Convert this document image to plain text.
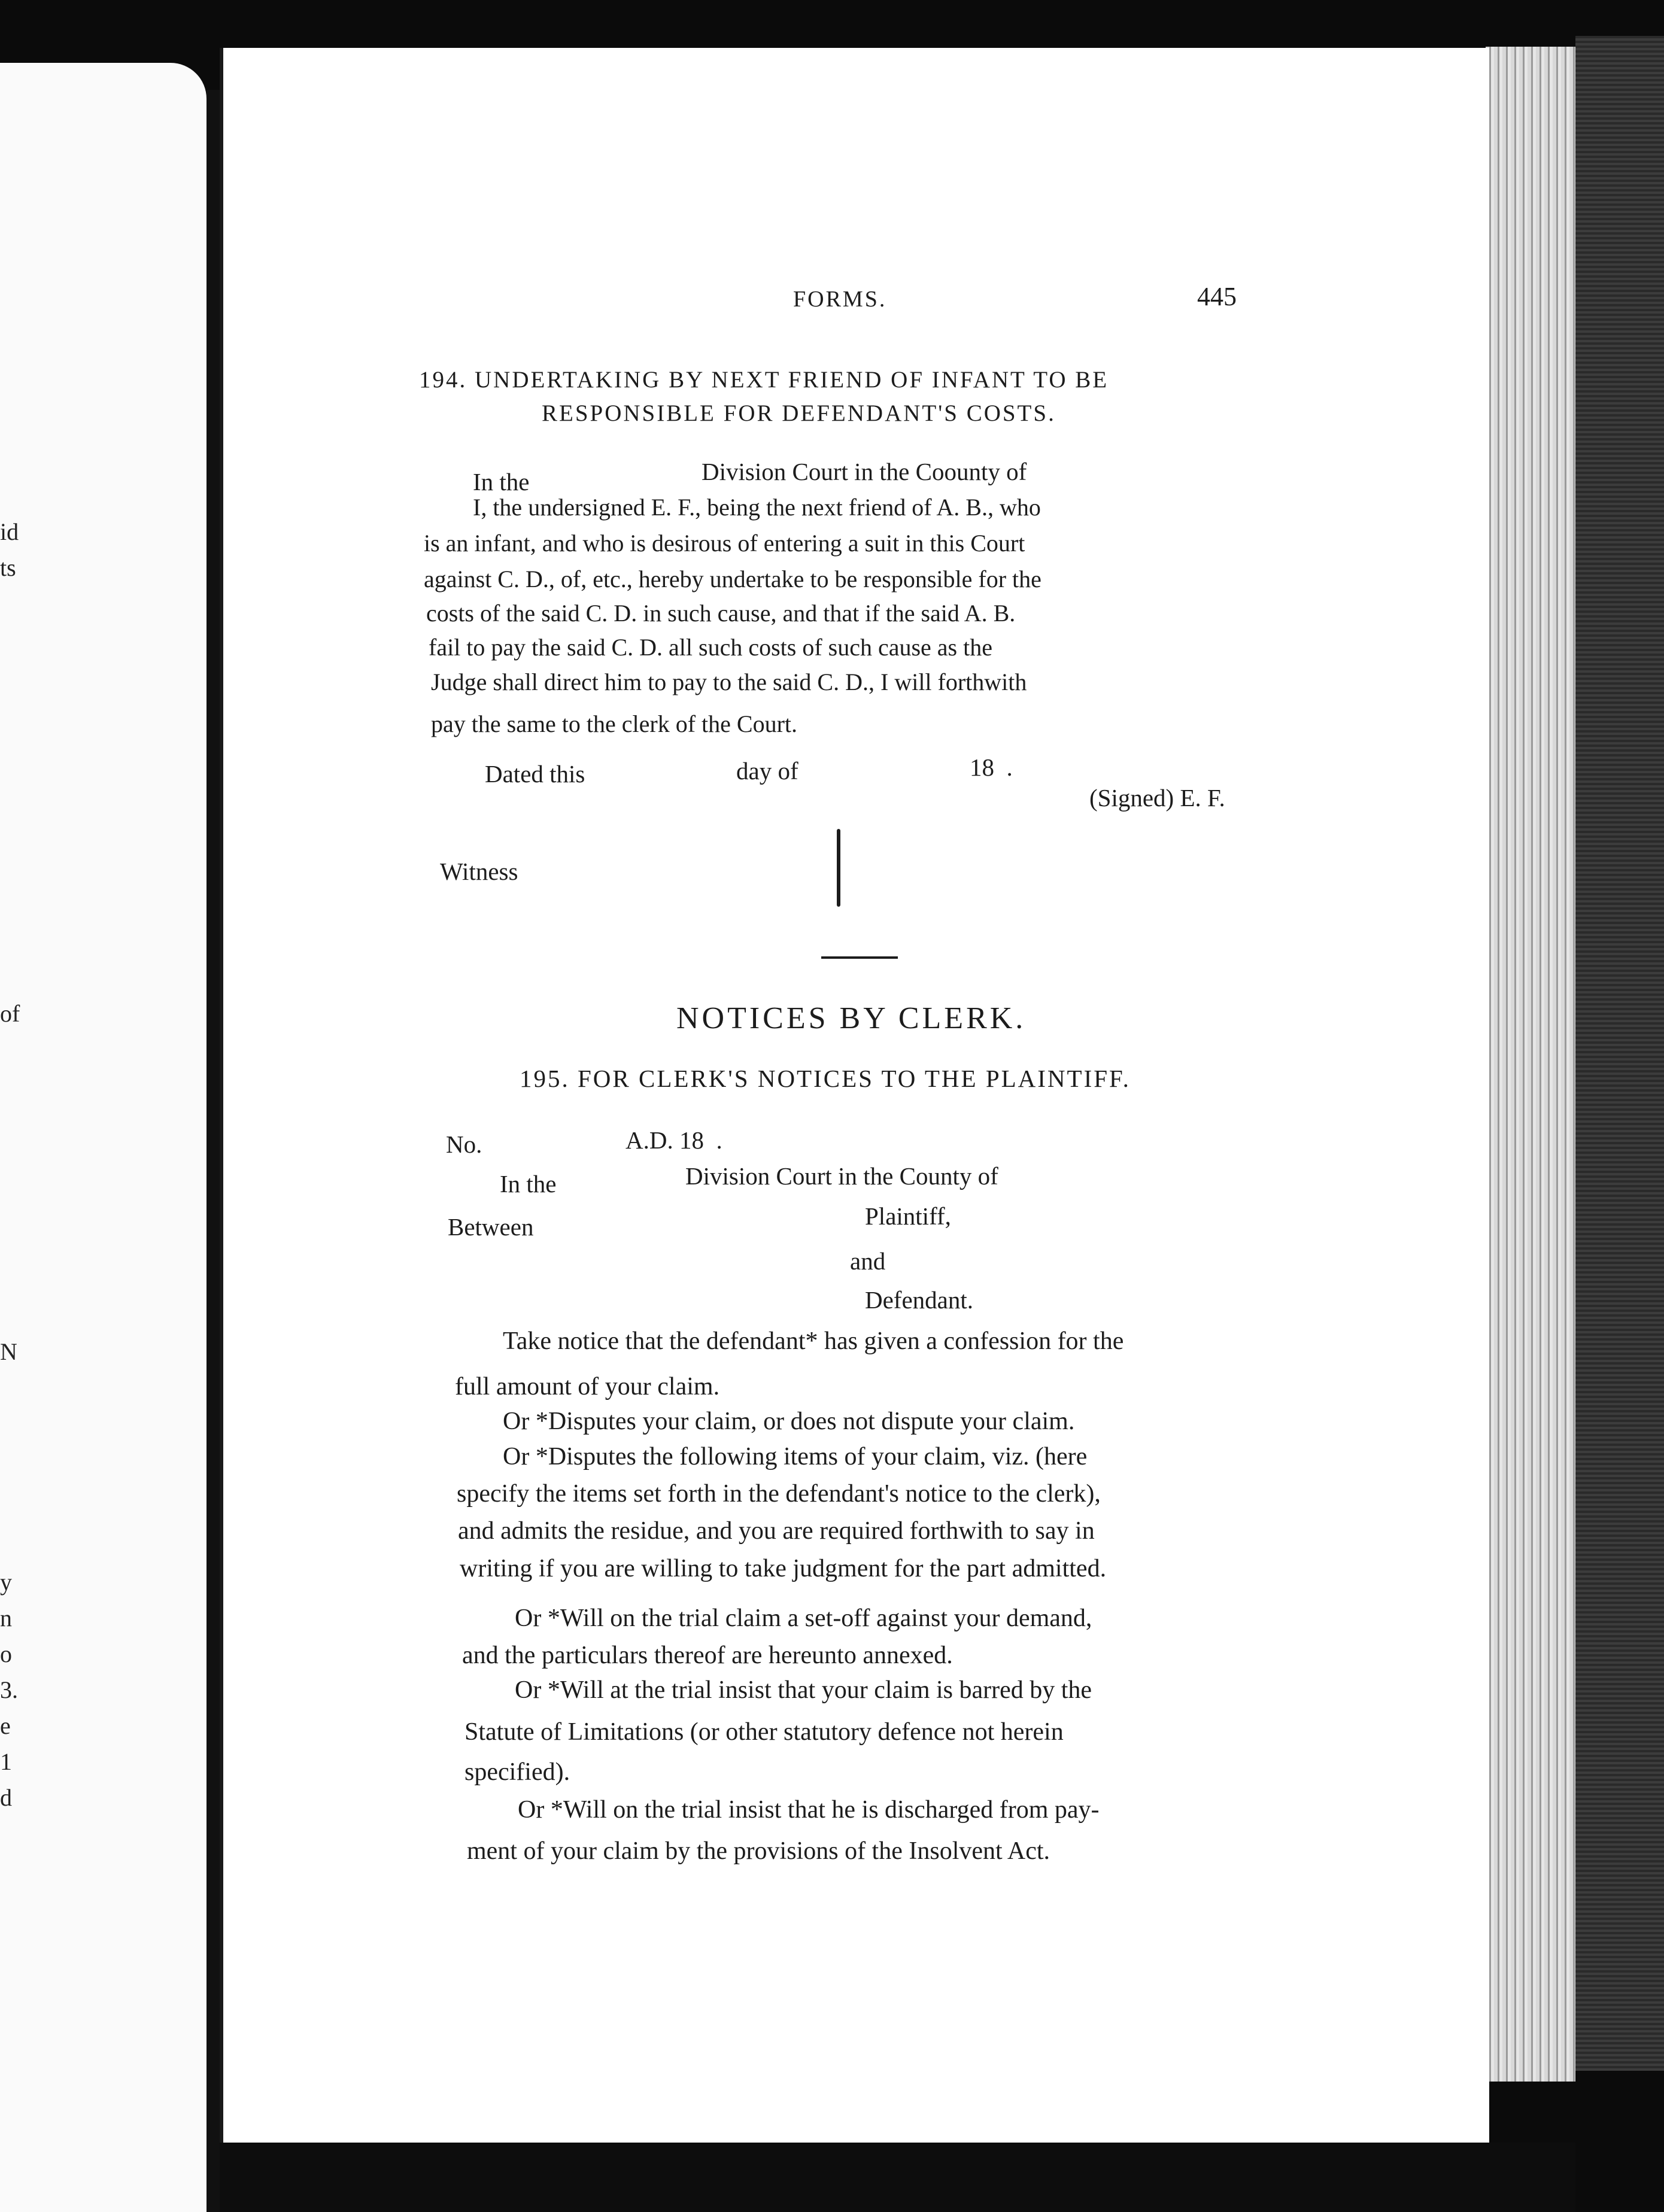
id
ts
of
N
y
n
o
3.
e
1
d
FORMS.	445
194. UNDERTAKING BY NEXT FRIEND OF INFANT TO BE
RESPONSIBLE FOR DEFENDANT'S COSTS.
In the	Division Court in the Coounty of
I, the undersigned E. F., being the next friend of A. B., who
is an infant, and who is desirous of entering a suit in this Court
against C. D., of, etc., hereby undertake to be responsible for the
costs of the said C. D. in such cause, and that if the said A. B.
fail to pay the said C. D. all such costs of such cause as the
Judge shall direct him to pay to the said C. D., I will forthwith
pay the same to the clerk of the Court.
Dated this	day of	18  .
(Signed) E. F.
Witness
NOTICES BY CLERK.
195. FOR CLERK'S NOTICES TO THE PLAINTIFF.
No.	A.D. 18  .
In the	Division Court in the County of
Between	Plaintiff,
and
Defendant.
Take notice that the defendant* has given a confession for the
full amount of your claim.
Or *Disputes your claim, or does not dispute your claim.
Or *Disputes the following items of your claim, viz. (here
specify the items set forth in the defendant's notice to the clerk),
and admits the residue, and you are required forthwith to say in
writing if you are willing to take judgment for the part admitted.
Or *Will on the trial claim a set-off against your demand,
and the particulars thereof are hereunto annexed.
Or *Will at the trial insist that your claim is barred by the
Statute of Limitations (or other statutory defence not herein
specified).
Or *Will on the trial insist that he is discharged from pay-
ment of your claim by the provisions of the Insolvent Act.
